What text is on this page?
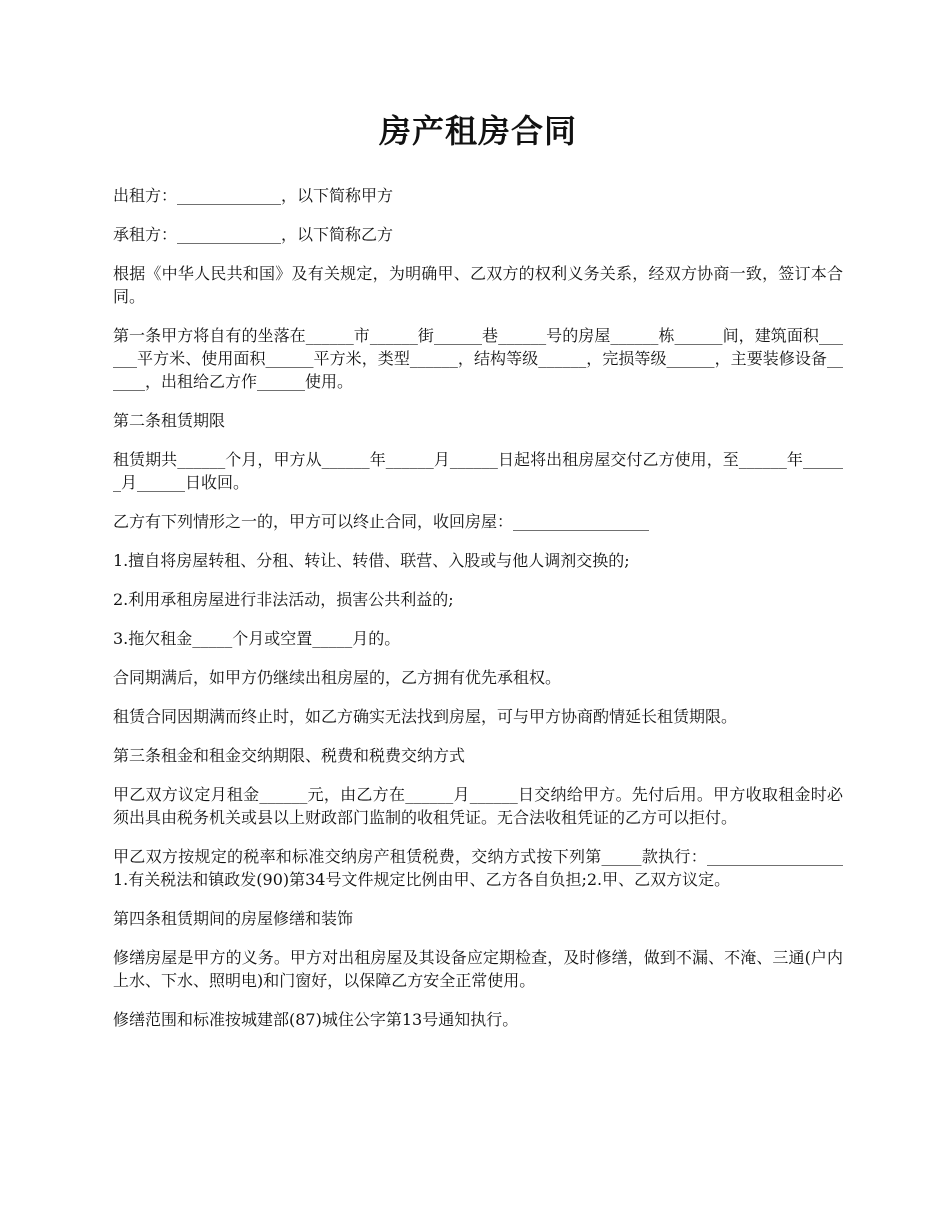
房产租房合同

出租方：_____________，以下简称甲方

承租方：_____________，以下简称乙方

根据《中华人民共和国》及有关规定，为明确甲、乙双方的权利义务关系，经双方协商一致，签订本合同。

第一条甲方将自有的坐落在______市______街______巷______号的房屋______栋______间，建筑面积______平方米、使用面积______平方米，类型______，结构等级______，完损等级______，主要装修设备______，出租给乙方作______使用。

第二条租赁期限

租赁期共______个月，甲方从______年______月______日起将出租房屋交付乙方使用，至______年______月______日收回。

乙方有下列情形之一的，甲方可以终止合同，收回房屋：_________________

1.擅自将房屋转租、分租、转让、转借、联营、入股或与他人调剂交换的;

2.利用承租房屋进行非法活动，损害公共利益的;

3.拖欠租金_____个月或空置_____月的。

合同期满后，如甲方仍继续出租房屋的，乙方拥有优先承租权。

租赁合同因期满而终止时，如乙方确实无法找到房屋，可与甲方协商酌情延长租赁期限。

第三条租金和租金交纳期限、税费和税费交纳方式

甲乙双方议定月租金______元，由乙方在______月______日交纳给甲方。先付后用。甲方收取租金时必须出具由税务机关或县以上财政部门监制的收租凭证。无合法收租凭证的乙方可以拒付。

甲乙双方按规定的税率和标准交纳房产租赁税费，交纳方式按下列第_____款执行：_________________1.有关税法和镇政发(90)第34号文件规定比例由甲、乙方各自负担;2.甲、乙双方议定。

第四条租赁期间的房屋修缮和装饰

修缮房屋是甲方的义务。甲方对出租房屋及其设备应定期检查，及时修缮，做到不漏、不淹、三通(户内上水、下水、照明电)和门窗好，以保障乙方安全正常使用。

修缮范围和标准按城建部(87)城住公字第13号通知执行。
